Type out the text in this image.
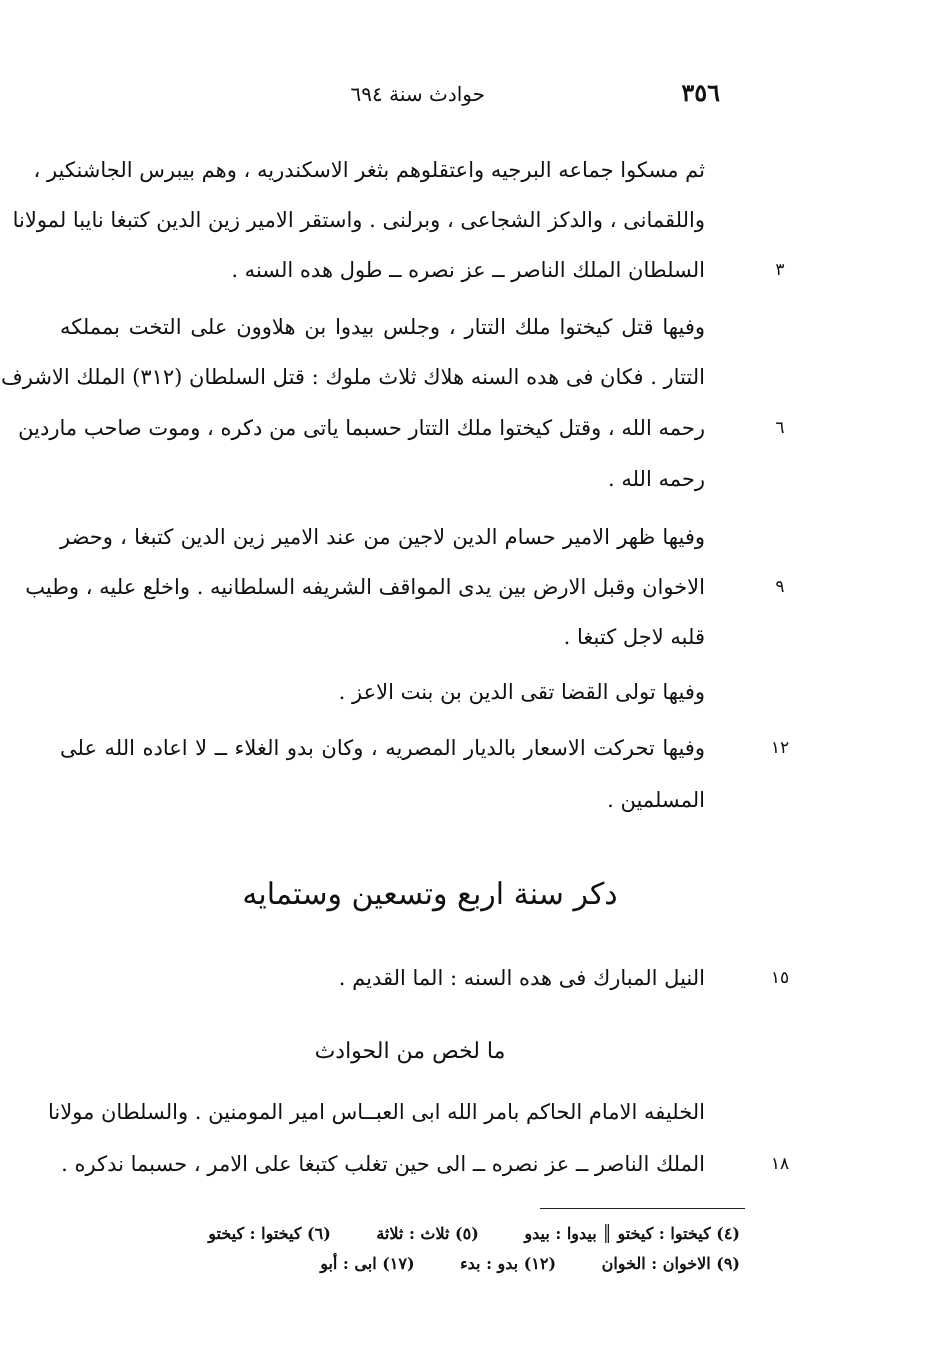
٣٥٦
حوادث سنة ٦٩٤
ثم مسكوا جماعه البرجيه واعتقلوهم بثغر الاسكندريه ، وهم بيبرس الجاشنكير ،
واللقمانى ، والدكز الشجاعى ، وبرلنى . واستقر الامير زين الدين كتبغا نايبا لمولانا
السلطان الملك الناصر ــ عز نصره ــ طول هده السنه .	٣
وفيها قتل كيختوا ملك التتار ، وجلس بيدوا بن هلاوون على التخت بمملكه
التتار . فكان فى هده السنه هلاك ثلاث ملوك : قتل السلطان (٣١٢) الملك الاشرف
رحمه الله ، وقتل كيختوا ملك التتار حسبما ياتى من دكره ، وموت صاحب ماردين	٦
رحمه الله .
وفيها ظهر الامير حسام الدين لاجين من عند الامير زين الدين كتبغا ، وحضر
الاخوان وقبل الارض بين يدى المواقف الشريفه السلطانيه . واخلع عليه ، وطيب	٩
قلبه لاجل كتبغا .
وفيها تولى القضا تقى الدين بن بنت الاعز .
وفيها تحركت الاسعار بالديار المصريه ، وكان بدو الغلاء ــ لا اعاده الله على	١٢
المسلمين .
دكر سنة اربع وتسعين وستمايه
النيل المبارك فى هده السنه : الما القديم .	١٥
ما لخص من الحوادث
الخليفه الامام الحاكم بامر الله ابى العبــاس امير المومنين . والسلطان مولانا
الملك الناصر ــ عز نصره ــ الى حين تغلب كتبغا على الامر ، حسبما ندكره .	١٨
(٤) كيختوا : كيختو ║ بيدوا : بيدو (٥) ثلاث : ثلاثة (٦) كيختوا : كيختو
(٩) الاخوان : الخوان (١٢) بدو : بدء (١٧) ابى : أبو
